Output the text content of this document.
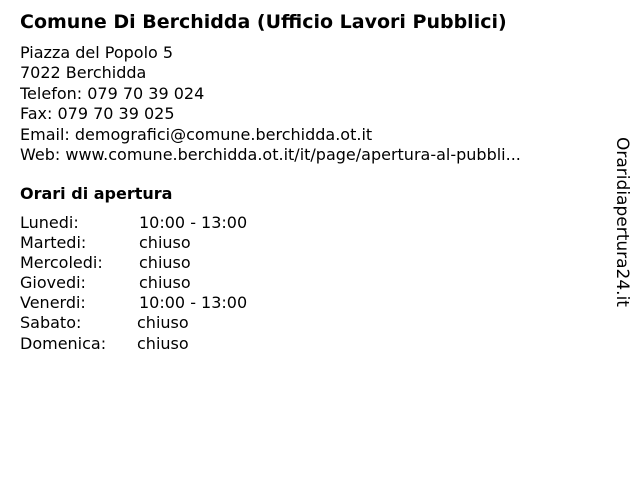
Comune Di Berchidda (Ufficio Lavori Pubblici)
Piazza del Popolo 5
7022 Berchidda
Telefon: 079 70 39 024
Fax: 079 70 39 025
Email: demografici@comune.berchidda.ot.it
Web: www.comune.berchidda.ot.it/it/page/apertura-al-pubbli...
Orari di apertura
Lunedi:	10:00 - 13:00
Martedi:	chiuso
Mercoledi: chiuso
Giovedi:	chiuso
Venerdi:	10:00 - 13:00
Sabato:	chiuso
Domenica: chiuso
Oraridiapertura24.it
